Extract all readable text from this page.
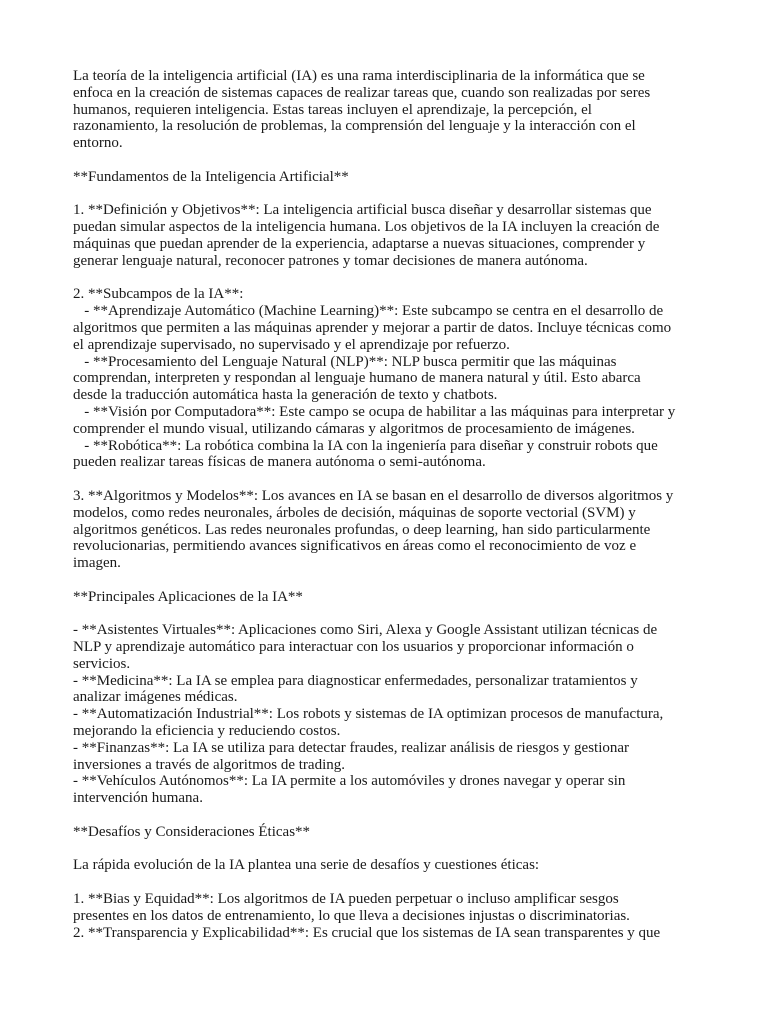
La teoría de la inteligencia artificial (IA) es una rama interdisciplinaria de la informática que se
enfoca en la creación de sistemas capaces de realizar tareas que, cuando son realizadas por seres
humanos, requieren inteligencia. Estas tareas incluyen el aprendizaje, la percepción, el
razonamiento, la resolución de problemas, la comprensión del lenguaje y la interacción con el
entorno.
**Fundamentos de la Inteligencia Artificial**
1. **Definición y Objetivos**: La inteligencia artificial busca diseñar y desarrollar sistemas que
puedan simular aspectos de la inteligencia humana. Los objetivos de la IA incluyen la creación de
máquinas que puedan aprender de la experiencia, adaptarse a nuevas situaciones, comprender y
generar lenguaje natural, reconocer patrones y tomar decisiones de manera autónoma.
2. **Subcampos de la IA**:
- **Aprendizaje Automático (Machine Learning)**: Este subcampo se centra en el desarrollo de
algoritmos que permiten a las máquinas aprender y mejorar a partir de datos. Incluye técnicas como
el aprendizaje supervisado, no supervisado y el aprendizaje por refuerzo.
- **Procesamiento del Lenguaje Natural (NLP)**: NLP busca permitir que las máquinas
comprendan, interpreten y respondan al lenguaje humano de manera natural y útil. Esto abarca
desde la traducción automática hasta la generación de texto y chatbots.
- **Visión por Computadora**: Este campo se ocupa de habilitar a las máquinas para interpretar y
comprender el mundo visual, utilizando cámaras y algoritmos de procesamiento de imágenes.
- **Robótica**: La robótica combina la IA con la ingeniería para diseñar y construir robots que
pueden realizar tareas físicas de manera autónoma o semi-autónoma.
3. **Algoritmos y Modelos**: Los avances en IA se basan en el desarrollo de diversos algoritmos y
modelos, como redes neuronales, árboles de decisión, máquinas de soporte vectorial (SVM) y
algoritmos genéticos. Las redes neuronales profundas, o deep learning, han sido particularmente
revolucionarias, permitiendo avances significativos en áreas como el reconocimiento de voz e
imagen.
**Principales Aplicaciones de la IA**
- **Asistentes Virtuales**: Aplicaciones como Siri, Alexa y Google Assistant utilizan técnicas de
NLP y aprendizaje automático para interactuar con los usuarios y proporcionar información o
servicios.
- **Medicina**: La IA se emplea para diagnosticar enfermedades, personalizar tratamientos y
analizar imágenes médicas.
- **Automatización Industrial**: Los robots y sistemas de IA optimizan procesos de manufactura,
mejorando la eficiencia y reduciendo costos.
- **Finanzas**: La IA se utiliza para detectar fraudes, realizar análisis de riesgos y gestionar
inversiones a través de algoritmos de trading.
- **Vehículos Autónomos**: La IA permite a los automóviles y drones navegar y operar sin
intervención humana.
**Desafíos y Consideraciones Éticas**
La rápida evolución de la IA plantea una serie de desafíos y cuestiones éticas:
1. **Bias y Equidad**: Los algoritmos de IA pueden perpetuar o incluso amplificar sesgos
presentes en los datos de entrenamiento, lo que lleva a decisiones injustas o discriminatorias.
2. **Transparencia y Explicabilidad**: Es crucial que los sistemas de IA sean transparentes y que
